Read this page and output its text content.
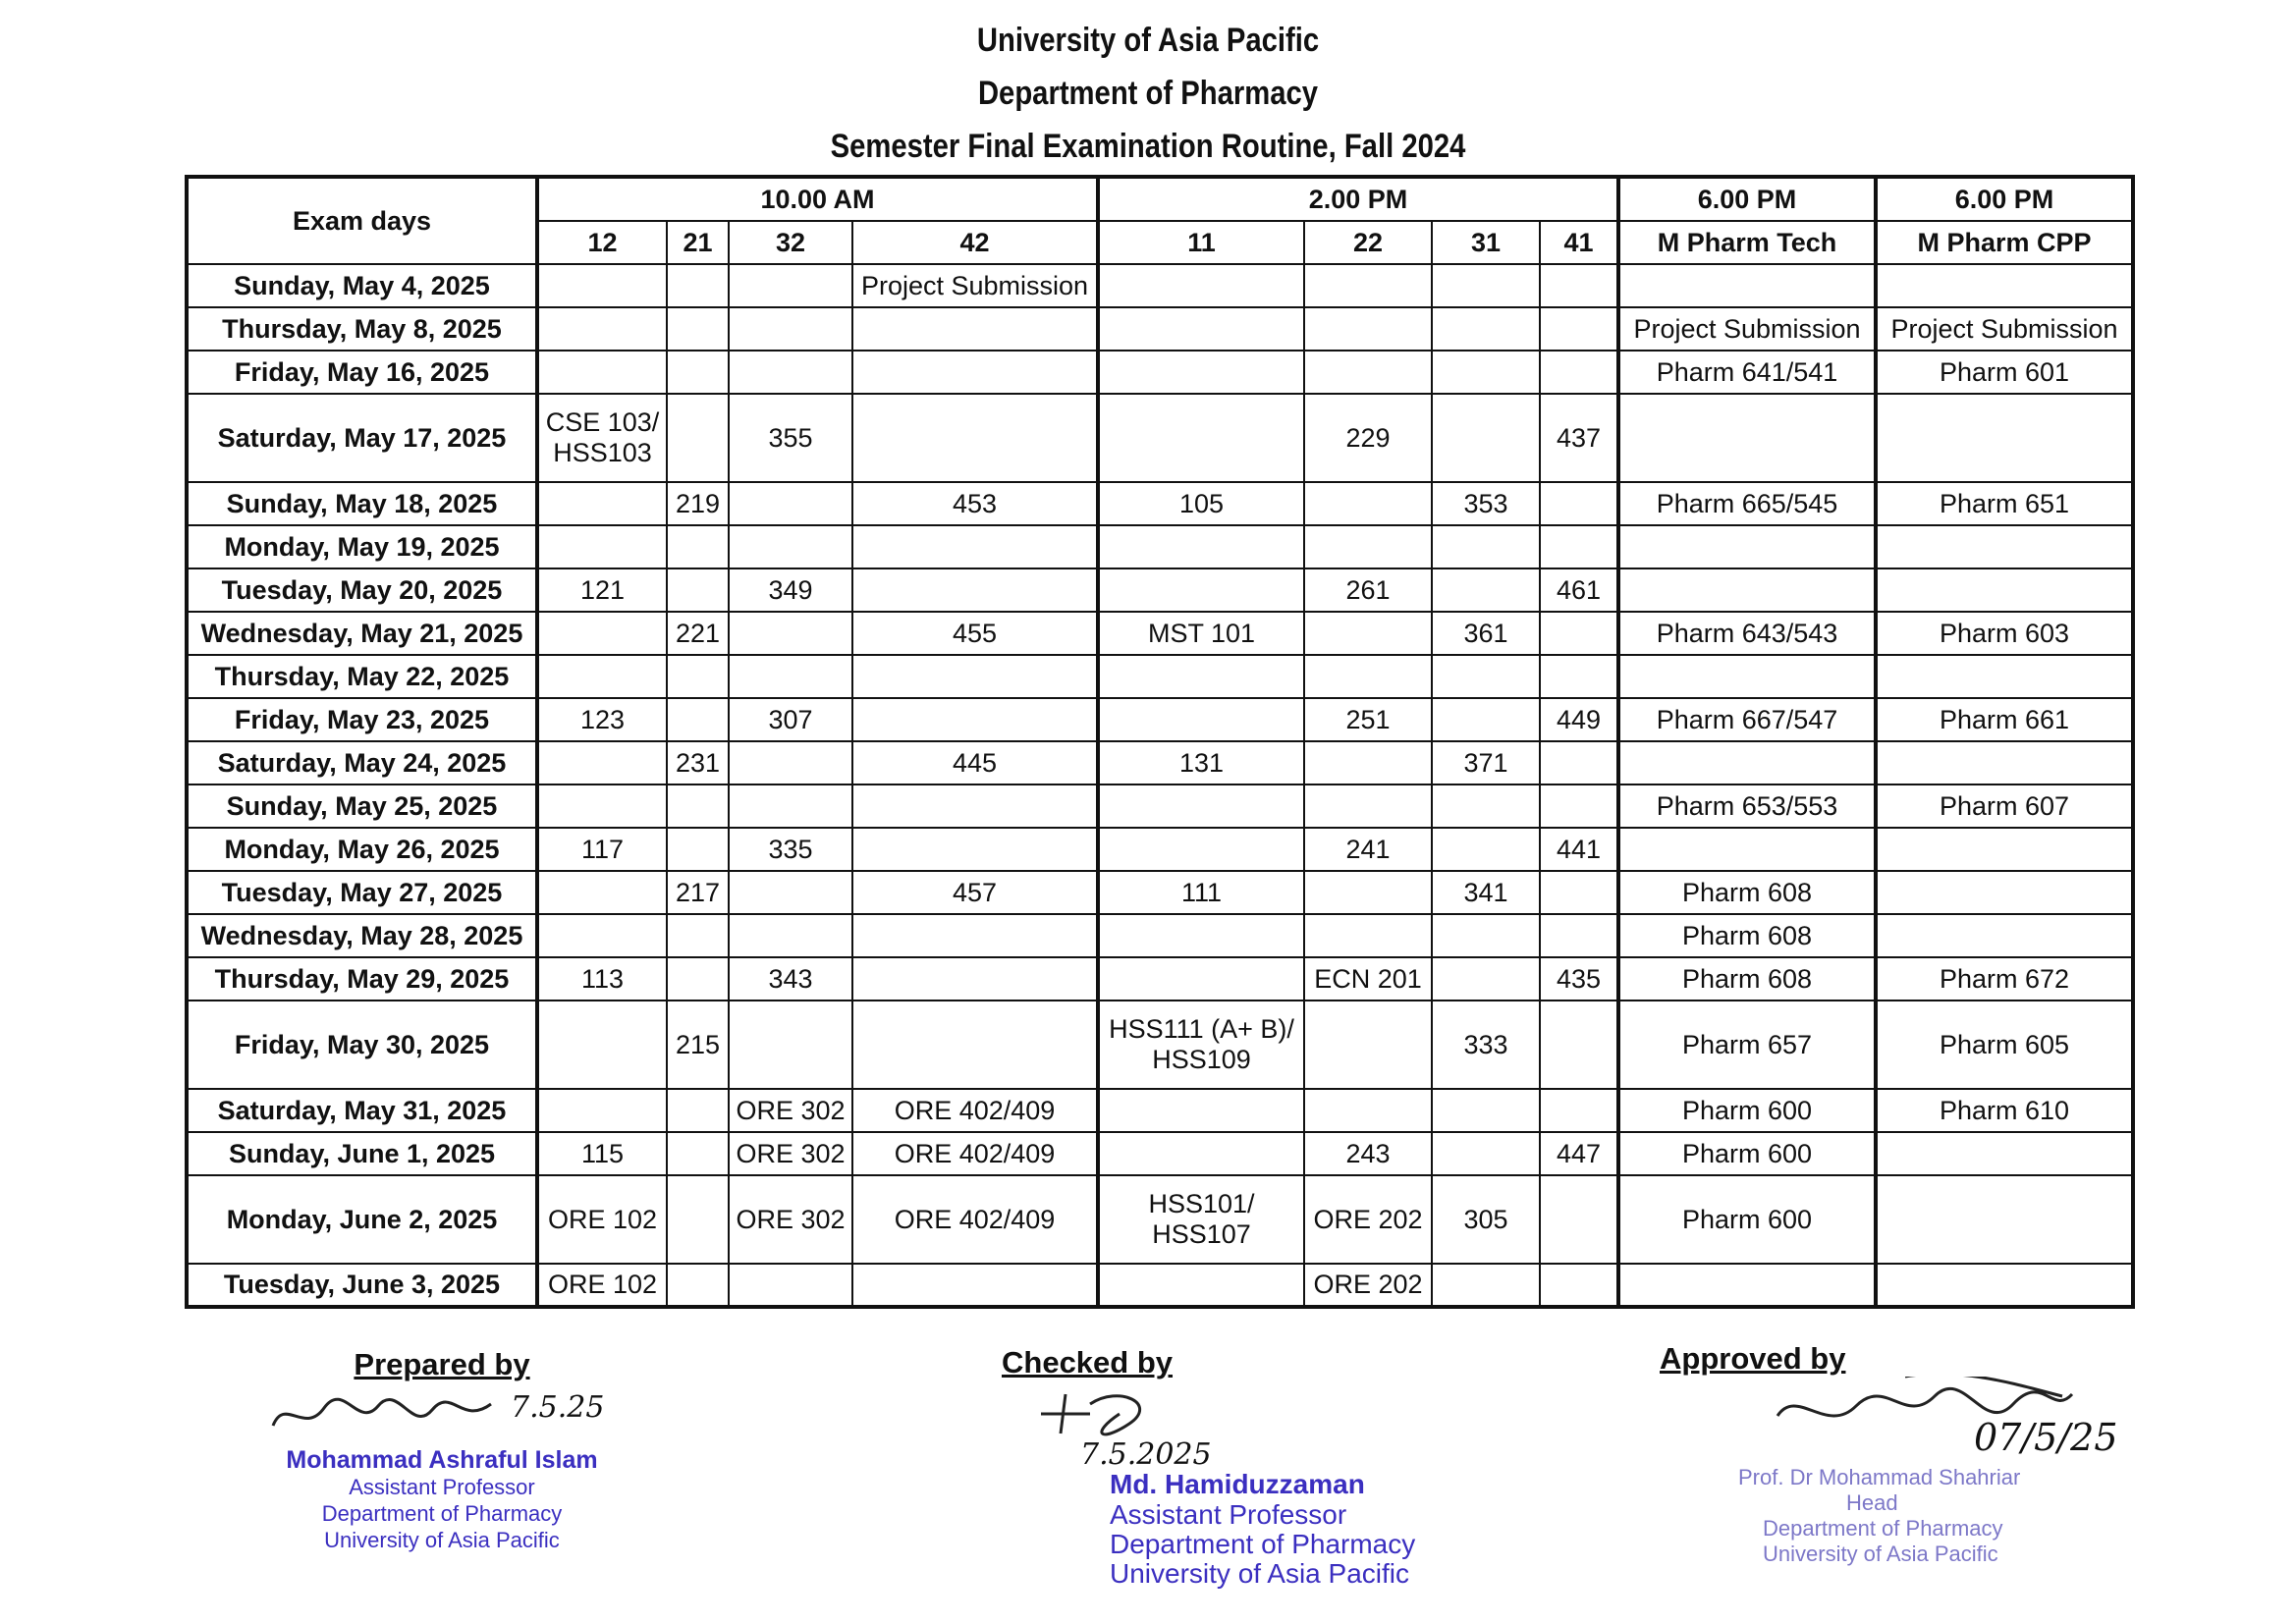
University of Asia Pacific
Department of Pharmacy
Semester Final Examination Routine, Fall 2024
Exam days	10.00 AM				2.00 PM				6.00 PM	6.00 PM
	12	21	32	42	11	22	31	41	M Pharm Tech	M Pharm CPP
Sunday, May 4, 2025				Project Submission						
Thursday, May 8, 2025									Project Submission	Project Submission
Friday, May 16, 2025									Pharm 641/541	Pharm 601
Saturday, May 17, 2025	CSE 103/
HSS103		355			229		437		
Sunday, May 18, 2025		219		453	105		353		Pharm 665/545	Pharm 651
Monday, May 19, 2025										
Tuesday, May 20, 2025	121		349			261		461		
Wednesday, May 21, 2025		221		455	MST 101		361		Pharm 643/543	Pharm 603
Thursday, May 22, 2025										
Friday, May 23, 2025	123		307			251		449	Pharm 667/547	Pharm 661
Saturday, May 24, 2025		231		445	131		371			
Sunday, May 25, 2025									Pharm 653/553	Pharm 607
Monday, May 26, 2025	117		335			241		441		
Tuesday, May 27, 2025		217		457	111		341		Pharm 608	
Wednesday, May 28, 2025									Pharm 608	
Thursday, May 29, 2025	113		343			ECN 201		435	Pharm 608	Pharm 672
Friday, May 30, 2025		215			HSS111 (A+ B)/
HSS109		333		Pharm 657	Pharm 605
Saturday, May 31, 2025			ORE 302	ORE 402/409					Pharm 600	Pharm 610
Sunday, June 1, 2025	115		ORE 302	ORE 402/409		243		447	Pharm 600	
Monday, June 2, 2025	ORE 102		ORE 302	ORE 402/409	HSS101/
HSS107	ORE 202	305		Pharm 600	
Tuesday, June 3, 2025	ORE 102					ORE 202				
Prepared by
7.5.25
Mohammad Ashraful Islam
Assistant Professor
Department of Pharmacy
University of Asia Pacific
Checked by
7.5.2025
Md. Hamiduzzaman
Assistant Professor
Department of Pharmacy
University of Asia Pacific
Approved by
07/5/25
Prof. Dr Mohammad Shahriar
Head
Department of Pharmacy
University of Asia Pacific
